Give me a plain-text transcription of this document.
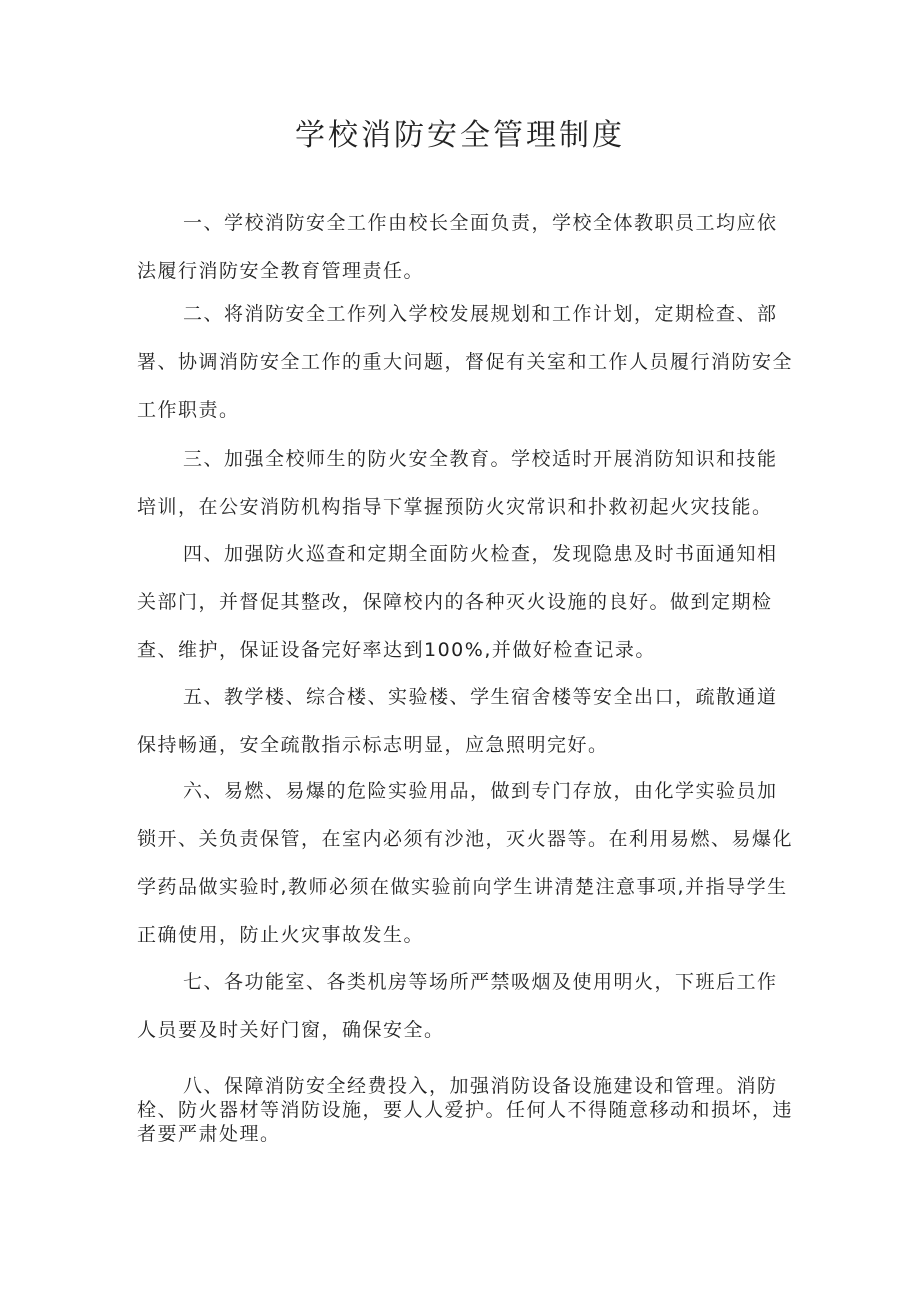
学校消防安全管理制度

一、学校消防安全工作由校长全面负责，学校全体教职员工均应依法履行消防安全教育管理责任。

二、将消防安全工作列入学校发展规划和工作计划，定期检查、部署、协调消防安全工作的重大问题，督促有关室和工作人员履行消防安全工作职责。

三、加强全校师生的防火安全教育。学校适时开展消防知识和技能培训，在公安消防机构指导下掌握预防火灾常识和扑救初起火灾技能。

四、加强防火巡查和定期全面防火检查，发现隐患及时书面通知相关部门，并督促其整改，保障校内的各种灭火设施的良好。做到定期检查、维护，保证设备完好率达到100%,并做好检查记录。

五、教学楼、综合楼、实验楼、学生宿舍楼等安全出口，疏散通道保持畅通，安全疏散指示标志明显，应急照明完好。

六、易燃、易爆的危险实验用品，做到专门存放，由化学实验员加锁开、关负责保管，在室内必须有沙池，灭火器等。在利用易燃、易爆化学药品做实验时,教师必须在做实验前向学生讲清楚注意事项,并指导学生正确使用，防止火灾事故发生。

七、各功能室、各类机房等场所严禁吸烟及使用明火，下班后工作人员要及时关好门窗，确保安全。

八、保障消防安全经费投入，加强消防设备设施建设和管理。消防栓、防火器材等消防设施，要人人爱护。任何人不得随意移动和损坏，违者要严肃处理。
